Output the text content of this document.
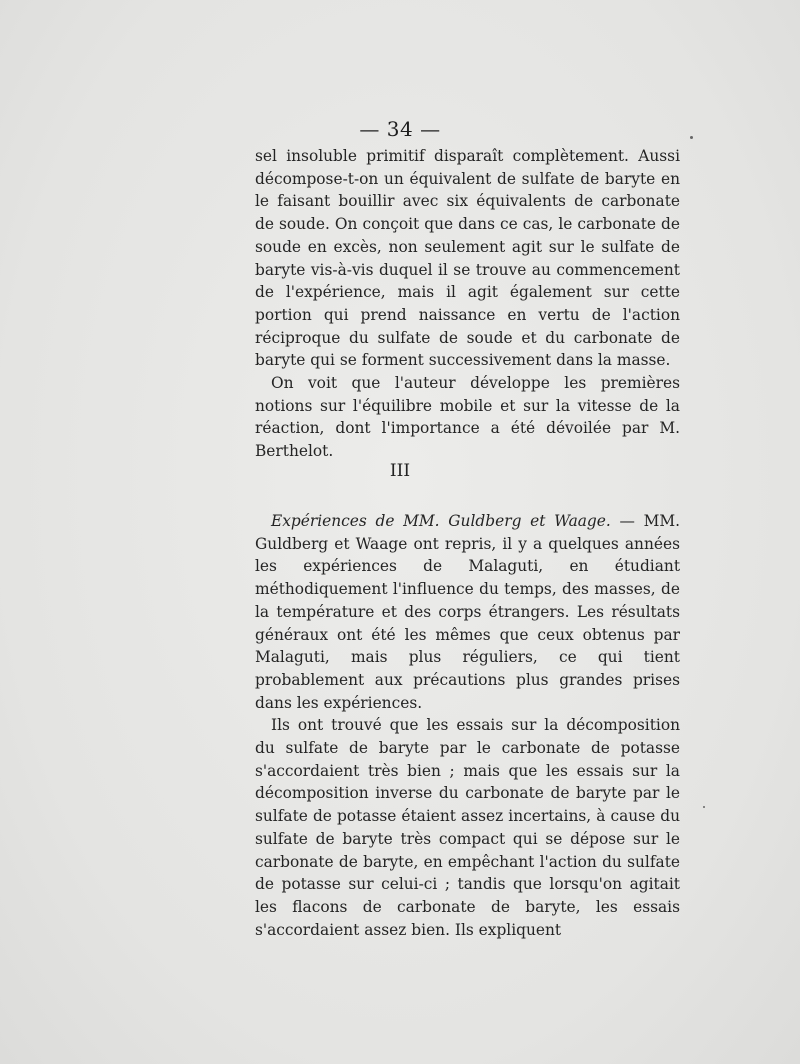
— 34 —

sel insoluble primitif disparaît complètement. Aussi décompose-t-on un équivalent de sulfate de baryte en le faisant bouillir avec six équivalents de carbonate de soude. On conçoit que dans ce cas, le carbonate de soude en excès, non seulement agit sur le sulfate de baryte vis-à-vis duquel il se trouve au commencement de l'expérience, mais il agit également sur cette portion qui prend naissance en vertu de l'action réciproque du sulfate de soude et du carbonate de baryte qui se forment successivement dans la masse.

On voit que l'auteur développe les premières notions sur l'équilibre mobile et sur la vitesse de la réaction, dont l'importance a été dévoilée par M. Berthelot.

III

Expériences de MM. Guldberg et Waage. — MM. Guldberg et Waage ont repris, il y a quelques années les expériences de Malaguti, en étudiant méthodiquement l'influence du temps, des masses, de la température et des corps étrangers. Les résultats généraux ont été les mêmes que ceux obtenus par Malaguti, mais plus réguliers, ce qui tient probablement aux précautions plus grandes prises dans les expériences.

Ils ont trouvé que les essais sur la décomposition du sulfate de baryte par le carbonate de potasse s'accordaient très bien ; mais que les essais sur la décomposition inverse du carbonate de baryte par le sulfate de potasse étaient assez incertains, à cause du sulfate de baryte très compact qui se dépose sur le carbonate de baryte, en empêchant l'action du sulfate de potasse sur celui-ci ; tandis que lorsqu'on agitait les flacons de carbonate de baryte, les essais s'accordaient assez bien. Ils expliquent
